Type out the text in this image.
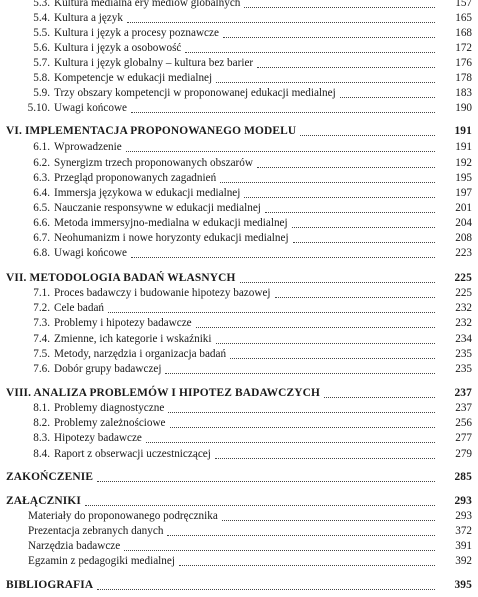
5.3. Kultura medialna ery mediów globalnych	157
5.4. Kultura a język	165
5.5. Kultura i język a procesy poznawcze	168
5.6. Kultura i język a osobowość	172
5.7. Kultura i język globalny – kultura bez barier	176
5.8. Kompetencje w edukacji medialnej	178
5.9. Trzy obszary kompetencji w proponowanej edukacji medialnej	183
5.10. Uwagi końcowe	190
VI. IMPLEMENTACJA PROPONOWANEGO MODELU	191
6.1. Wprowadzenie	191
6.2. Synergizm trzech proponowanych obszarów	192
6.3. Przegląd proponowanych zagadnień	195
6.4. Immersja językowa w edukacji medialnej	197
6.5. Nauczanie responsywne w edukacji medialnej	201
6.6. Metoda immersyjno-medialna w edukacji medialnej	204
6.7. Neohumanizm i nowe horyzonty edukacji medialnej	208
6.8. Uwagi końcowe	223
VII. METODOLOGIA BADAŃ WŁASNYCH	225
7.1. Proces badawczy i budowanie hipotezy bazowej	225
7.2. Cele badań	232
7.3. Problemy i hipotezy badawcze	232
7.4. Zmienne, ich kategorie i wskaźniki	234
7.5. Metody, narzędzia i organizacja badań	235
7.6. Dobór grupy badawczej	235
VIII. ANALIZA PROBLEMÓW I HIPOTEZ BADAWCZYCH	237
8.1. Problemy diagnostyczne	237
8.2. Problemy zależnościowe	256
8.3. Hipotezy badawcze	277
8.4. Raport z obserwacji uczestniczącej	279
ZAKOŃCZENIE	285
ZAŁĄCZNIKI	293
Materiały do proponowanego podręcznika	293
Prezentacja zebranych danych	372
Narzędzia badawcze	391
Egzamin z pedagogiki medialnej	392
BIBLIOGRAFIA	395
